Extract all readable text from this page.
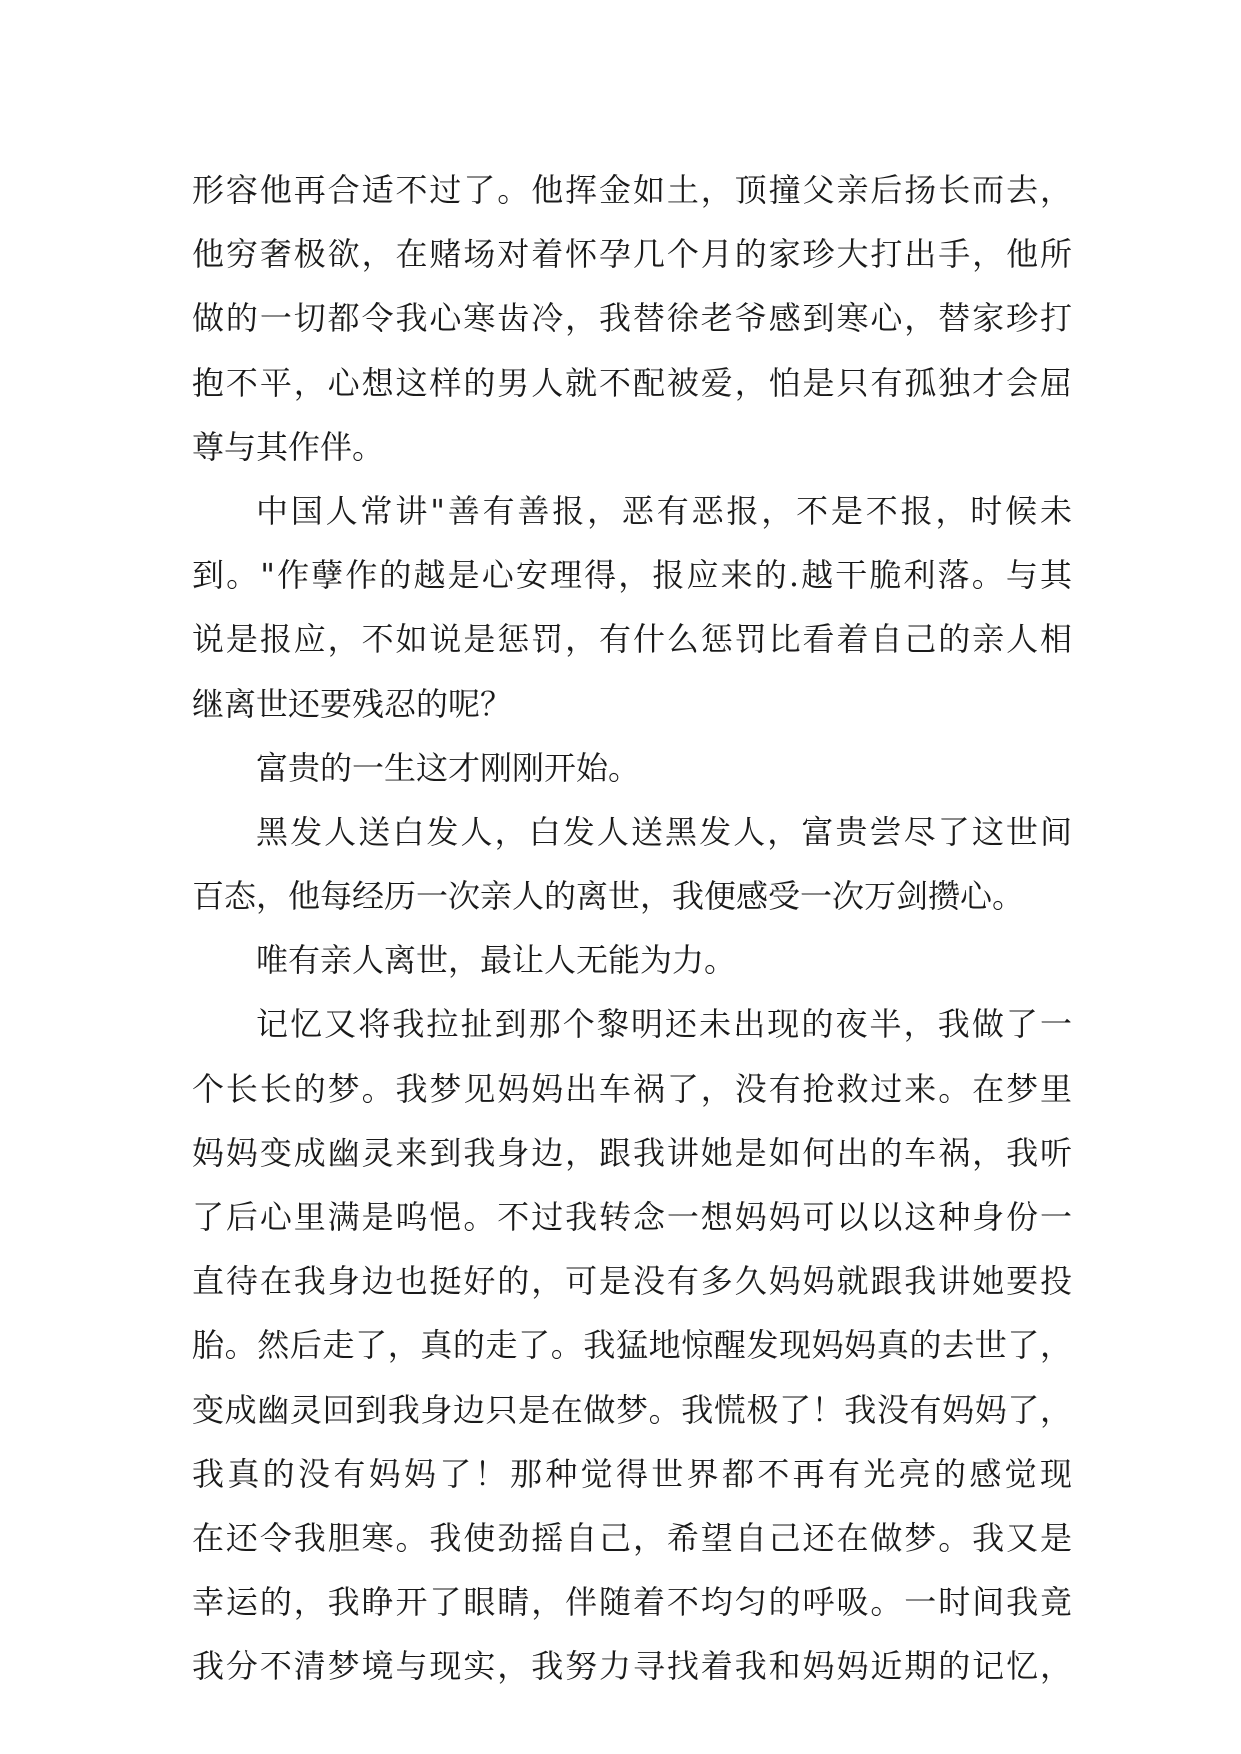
形容他再合适不过了。他挥金如土，顶撞父亲后扬长而去，
他穷奢极欲，在赌场对着怀孕几个月的家珍大打出手，他所
做的一切都令我心寒齿冷，我替徐老爷感到寒心，替家珍打
抱不平，心想这样的男人就不配被爱，怕是只有孤独才会屈
尊与其作伴。
中国人常讲"善有善报，恶有恶报，不是不报，时候未
到。"作孽作的越是心安理得，报应来的.越干脆利落。与其
说是报应，不如说是惩罚，有什么惩罚比看着自己的亲人相
继离世还要残忍的呢？
富贵的一生这才刚刚开始。
黑发人送白发人，白发人送黑发人，富贵尝尽了这世间
百态，他每经历一次亲人的离世，我便感受一次万剑攒心。
唯有亲人离世，最让人无能为力。
记忆又将我拉扯到那个黎明还未出现的夜半，我做了一
个长长的梦。我梦见妈妈出车祸了，没有抢救过来。在梦里
妈妈变成幽灵来到我身边，跟我讲她是如何出的车祸，我听
了后心里满是呜悒。不过我转念一想妈妈可以以这种身份一
直待在我身边也挺好的，可是没有多久妈妈就跟我讲她要投
胎。然后走了，真的走了。我猛地惊醒发现妈妈真的去世了，
变成幽灵回到我身边只是在做梦。我慌极了！我没有妈妈了，
我真的没有妈妈了！那种觉得世界都不再有光亮的感觉现
在还令我胆寒。我使劲摇自己，希望自己还在做梦。我又是
幸运的，我睁开了眼睛，伴随着不均匀的呼吸。一时间我竟
我分不清梦境与现实，我努力寻找着我和妈妈近期的记忆，
